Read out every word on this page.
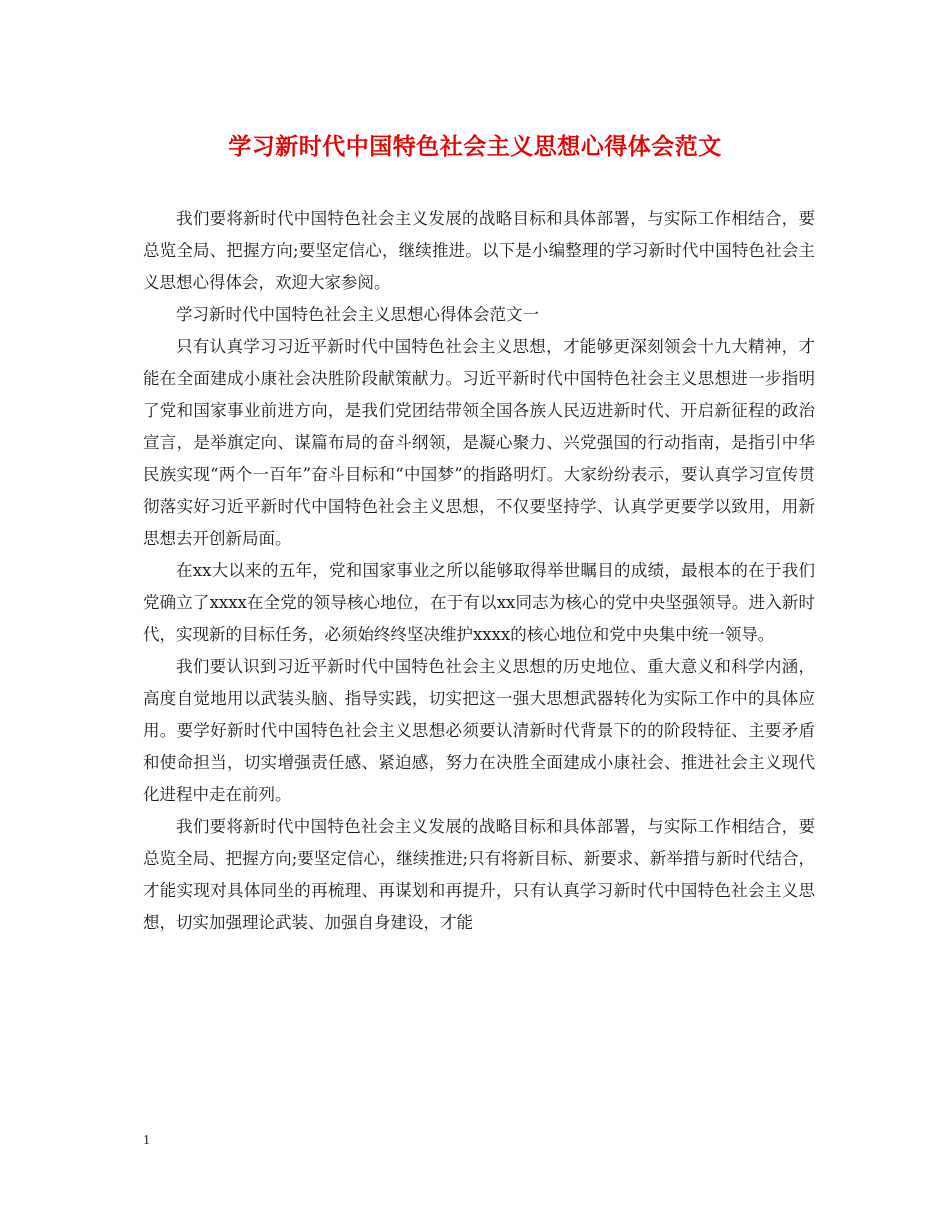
学习新时代中国特色社会主义思想心得体会范文

我们要将新时代中国特色社会主义发展的战略目标和具体部署，与实际工作相结合，要总览全局、把握方向;要坚定信心，继续推进。以下是小编整理的学习新时代中国特色社会主义思想心得体会，欢迎大家参阅。

学习新时代中国特色社会主义思想心得体会范文一

只有认真学习习近平新时代中国特色社会主义思想，才能够更深刻领会十九大精神，才能在全面建成小康社会决胜阶段献策献力。习近平新时代中国特色社会主义思想进一步指明了党和国家事业前进方向，是我们党团结带领全国各族人民迈进新时代、开启新征程的政治宣言，是举旗定向、谋篇布局的奋斗纲领，是凝心聚力、兴党强国的行动指南，是指引中华民族实现“两个一百年”奋斗目标和“中国梦”的指路明灯。大家纷纷表示，要认真学习宣传贯彻落实好习近平新时代中国特色社会主义思想，不仅要坚持学、认真学更要学以致用，用新思想去开创新局面。

在xx大以来的五年，党和国家事业之所以能够取得举世瞩目的成绩，最根本的在于我们党确立了xxxx在全党的领导核心地位，在于有以xx同志为核心的党中央坚强领导。进入新时代，实现新的目标任务，必须始终终坚决维护xxxx的核心地位和党中央集中统一领导。

我们要认识到习近平新时代中国特色社会主义思想的历史地位、重大意义和科学内涵，高度自觉地用以武装头脑、指导实践，切实把这一强大思想武器转化为实际工作中的具体应用。要学好新时代中国特色社会主义思想必须要认清新时代背景下的的阶段特征、主要矛盾和使命担当，切实增强责任感、紧迫感，努力在决胜全面建成小康社会、推进社会主义现代化进程中走在前列。

我们要将新时代中国特色社会主义发展的战略目标和具体部署，与实际工作相结合，要总览全局、把握方向;要坚定信心，继续推进;只有将新目标、新要求、新举措与新时代结合，才能实现对具体同坐的再梳理、再谋划和再提升，只有认真学习新时代中国特色社会主义思想，切实加强理论武装、加强自身建设，才能

1
